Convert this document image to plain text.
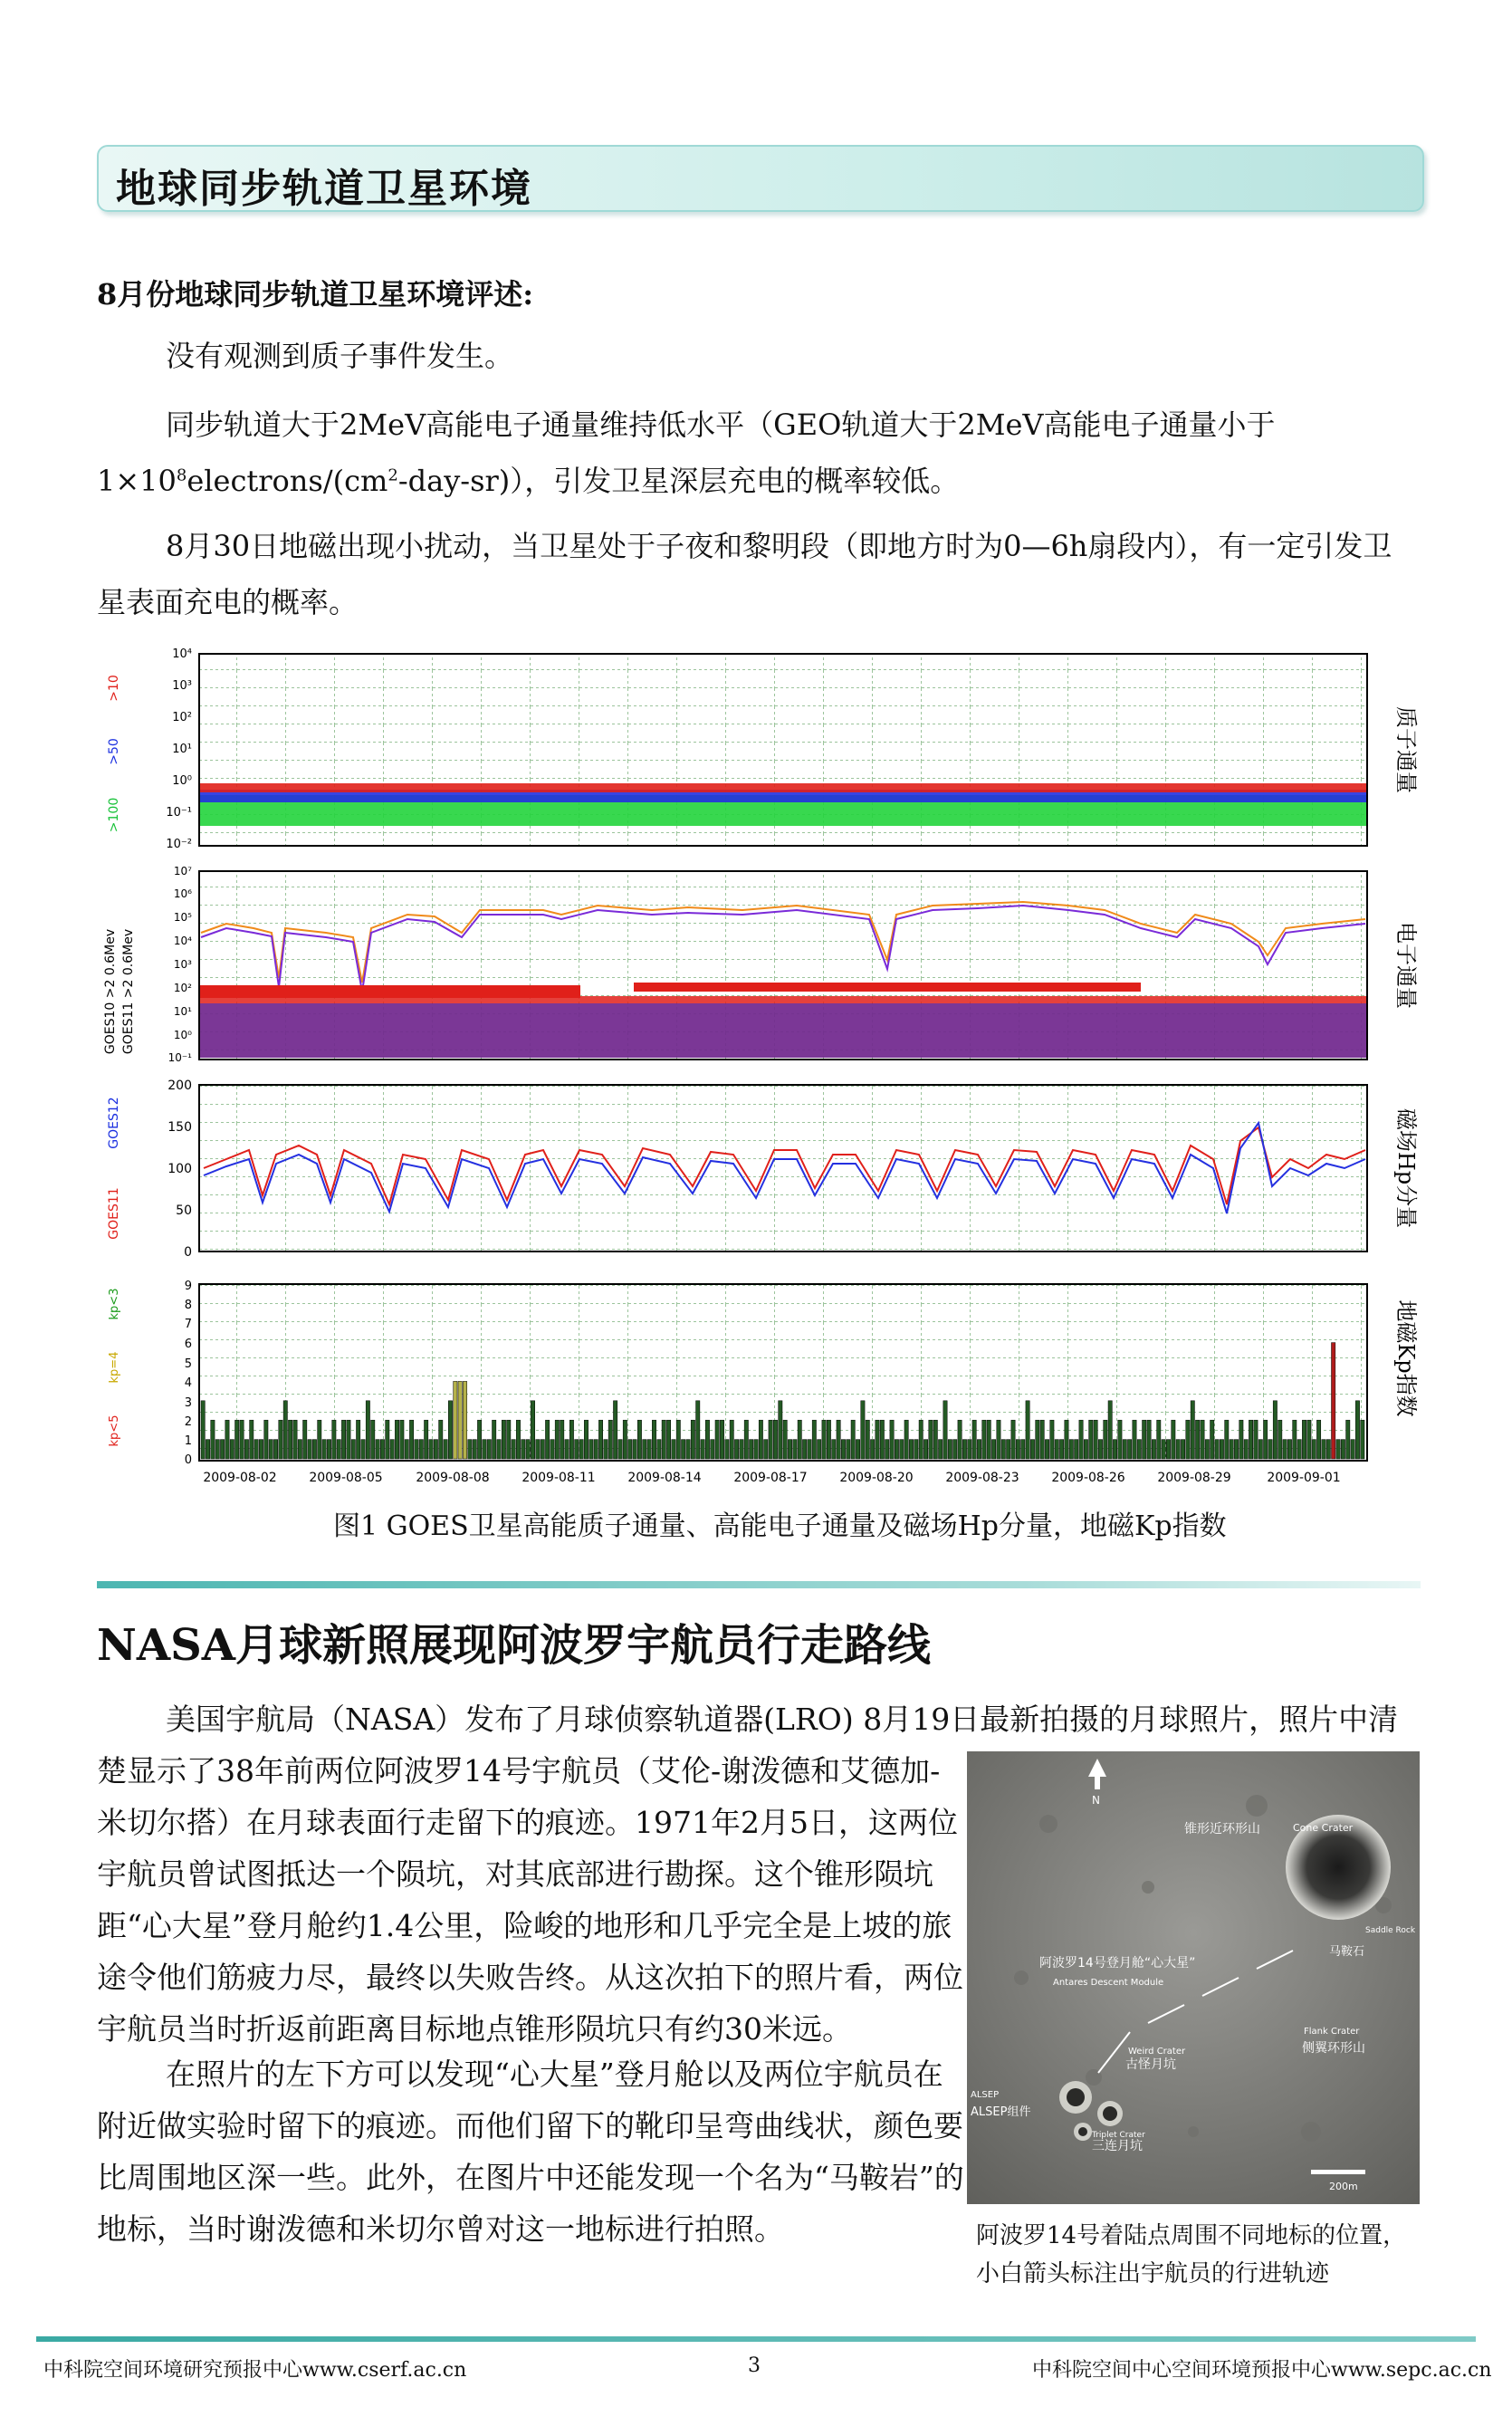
地球同步轨道卫星环境
8月份地球同步轨道卫星环境评述:
没有观测到质子事件发生。
同步轨道大于2MeV高能电子通量维持低水平（GEO轨道大于2MeV高能电子通量小于$1\times 10^8electrons/(cm^2-day-sr)$），引发卫星深层充电的概率较低。
8月30日地磁出现小扰动，当卫星处于子夜和黎明段（即地方时为0—6h扇段内），有一定引发卫星表面充电的概率。
10⁴
10³
10²
10¹
10⁰
10⁻¹
10⁻²
>10
>50
>100
质子通量
10⁷
10⁶
10⁵
10⁴
10³
10²
10¹
10⁰
10⁻¹
GOES10 >2 0.6Mev GOES11 >2 0.6Mev	电子通量
200
150
100
50
0
GOES12
GOES11	磁场Hp分量
9
8
7
6
5
4
3
2
1
0
kp<5
kp=4
kp<3	地磁Kp指数
2009-08-02	2009-08-05	2009-08-08	2009-08-11	2009-08-14	2009-08-17	2009-08-20	2009-08-23	2009-08-26	2009-08-29	2009-09-01
图1 GOES卫星高能质子通量、高能电子通量及磁场Hp分量，地磁Kp指数
NASA月球新照展现阿波罗宇航员行走路线
美国宇航局（NASA）发布了月球侦察轨道器(LRO) 8月19日最新拍摄的月球照片，照片中清
楚显示了38年前两位阿波罗14号宇航员（艾伦-谢泼德和艾德加-米切尔搭）在月球表面行走留下的痕迹。1971年2月5日，这两位宇航员曾试图抵达一个陨坑，对其底部进行勘探。这个锥形陨坑距“心大星”登月舱约1.4公里，险峻的地形和几乎完全是上坡的旅途令他们筋疲力尽，最终以失败告终。从这次拍下的照片看，两位宇航员当时折返前距离目标地点锥形陨坑只有约30米远。
在照片的左下方可以发现“心大星”登月舱以及两位宇航员在附近做实验时留下的痕迹。而他们留下的靴印呈弯曲线状，颜色要比周围地区深一些。此外，在图片中还能发现一个名为“马鞍岩”的地标，当时谢泼德和米切尔曾对这一地标进行拍照。
N
锥形近环形山	Cone Crater
马鞍石
Saddle Rock
阿波罗14号登月舱“心大星”
Antares Descent Module
侧翼环形山
Flank Crater
古怪月坑
Weird Crater
三连月坑
Triplet Crater
ALSEP组件
ALSEP
200m
阿波罗14号着陆点周围不同地标的位置，小白箭头标注出宇航员的行进轨迹
中科院空间环境研究预报中心www.cserf.ac.cn	3	中科院空间中心空间环境预报中心www.sepc.ac.cn
